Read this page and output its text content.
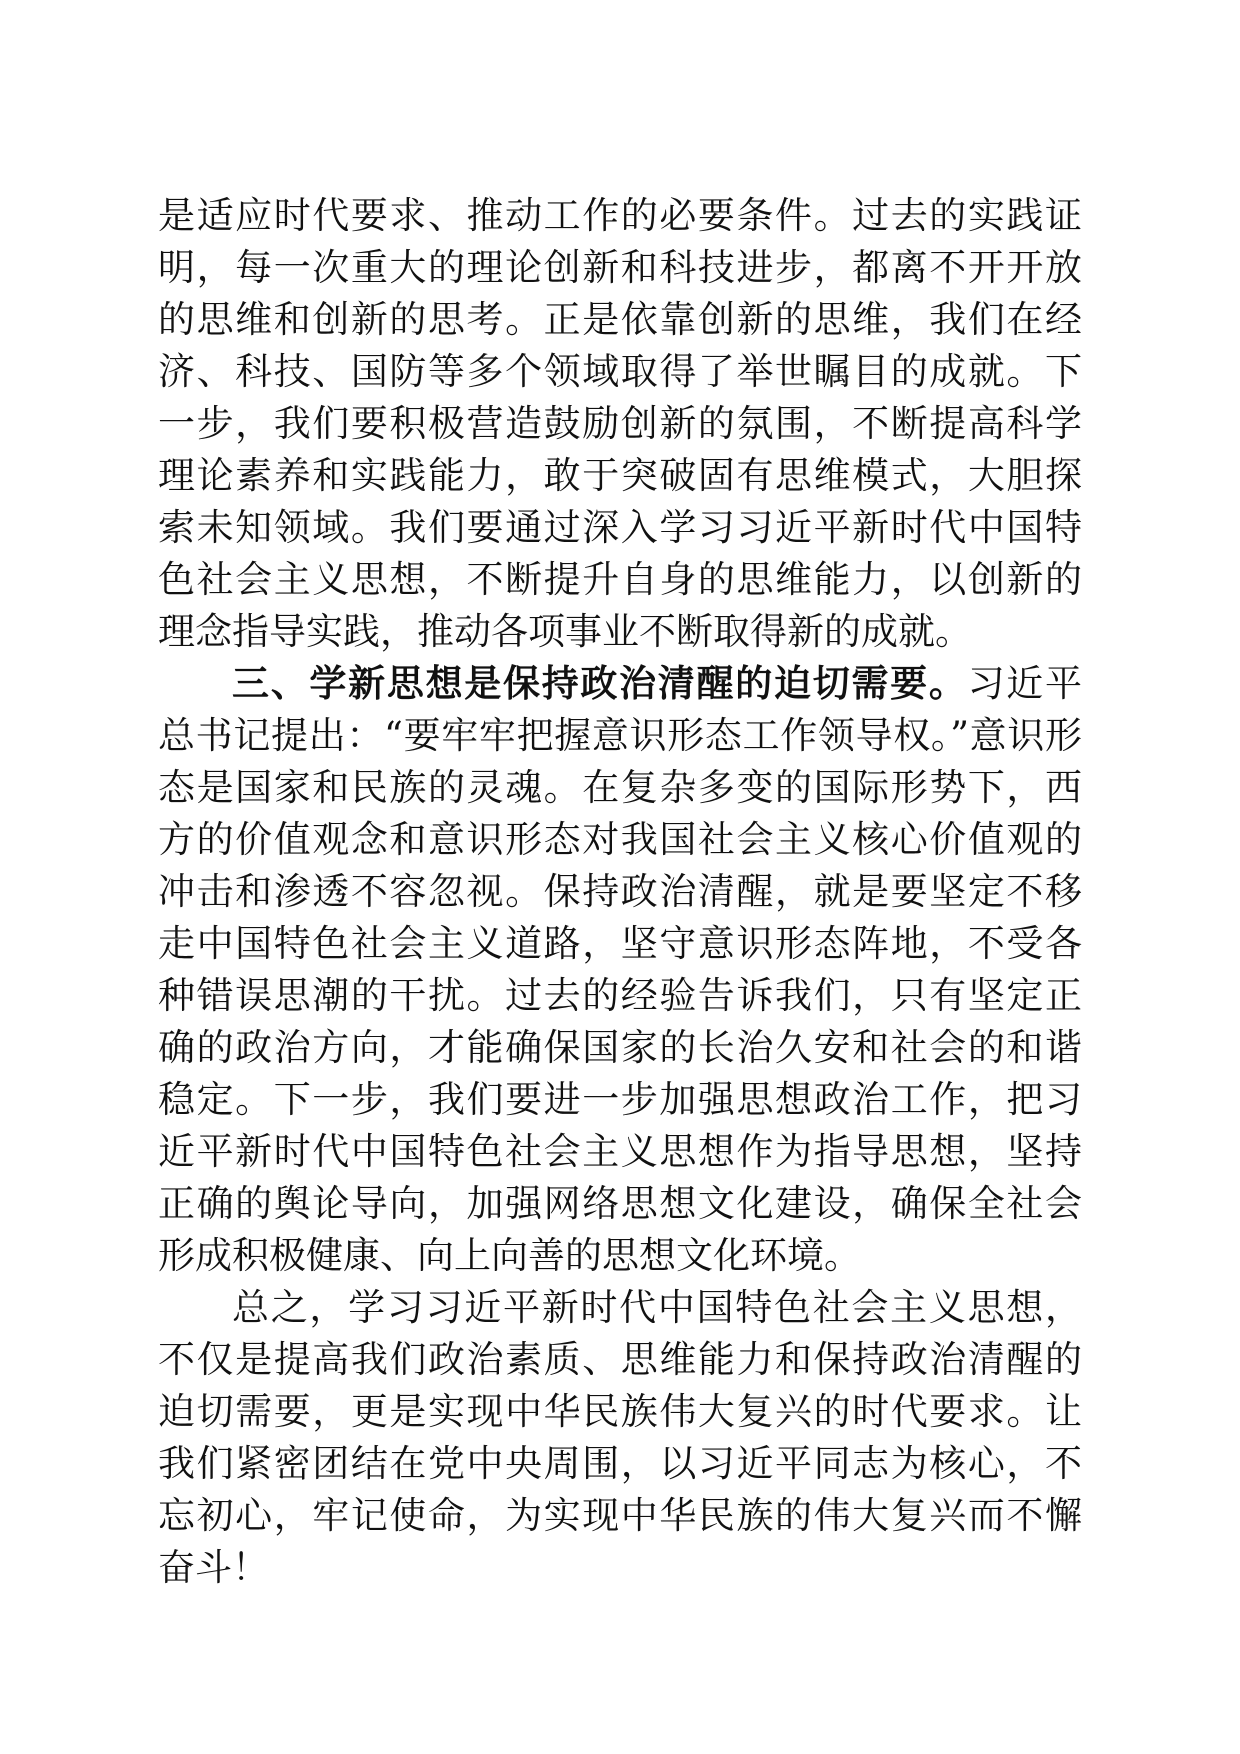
是适应时代要求、推动工作的必要条件。过去的实践证明，每一次重大的理论创新和科技进步，都离不开开放的思维和创新的思考。正是依靠创新的思维，我们在经济、科技、国防等多个领域取得了举世瞩目的成就。下一步，我们要积极营造鼓励创新的氛围，不断提高科学理论素养和实践能力，敢于突破固有思维模式，大胆探索未知领域。我们要通过深入学习习近平新时代中国特色社会主义思想，不断提升自身的思维能力，以创新的理念指导实践，推动各项事业不断取得新的成就。

三、学新思想是保持政治清醒的迫切需要。习近平总书记提出：“要牢牢把握意识形态工作领导权。”意识形态是国家和民族的灵魂。在复杂多变的国际形势下，西方的价值观念和意识形态对我国社会主义核心价值观的冲击和渗透不容忽视。保持政治清醒，就是要坚定不移走中国特色社会主义道路，坚守意识形态阵地，不受各种错误思潮的干扰。过去的经验告诉我们，只有坚定正确的政治方向，才能确保国家的长治久安和社会的和谐稳定。下一步，我们要进一步加强思想政治工作，把习近平新时代中国特色社会主义思想作为指导思想，坚持正确的舆论导向，加强网络思想文化建设，确保全社会形成积极健康、向上向善的思想文化环境。

总之，学习习近平新时代中国特色社会主义思想，不仅是提高我们政治素质、思维能力和保持政治清醒的迫切需要，更是实现中华民族伟大复兴的时代要求。让我们紧密团结在党中央周围，以习近平同志为核心，不忘初心，牢记使命，为实现中华民族的伟大复兴而不懈奋斗！
